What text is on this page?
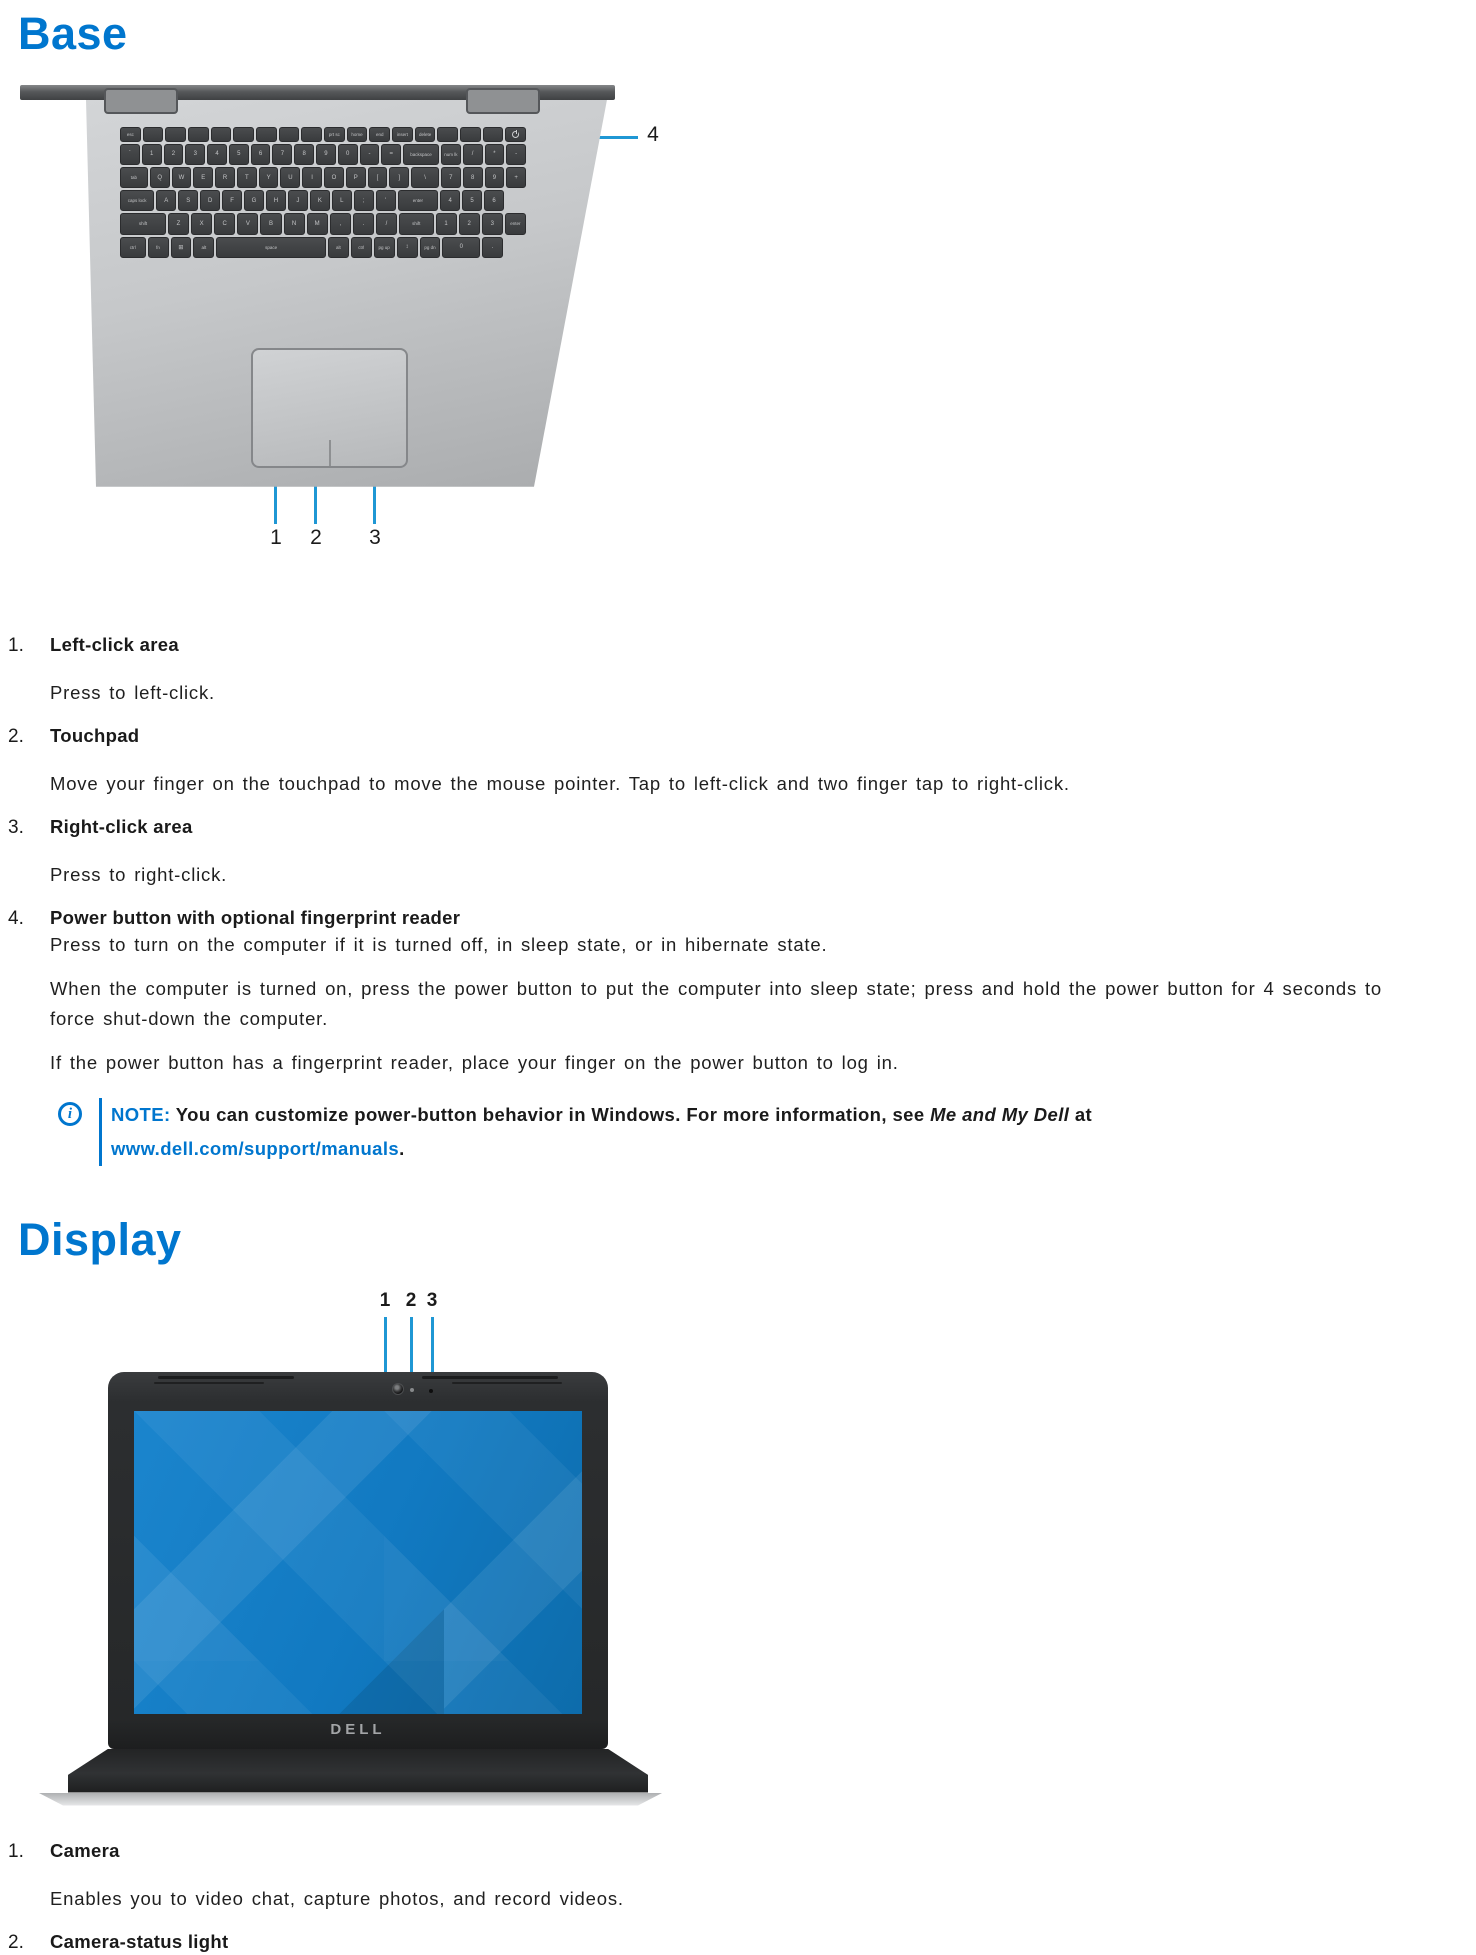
Base
esc	prt sc	home	end	insert	delete
`	1	2	3	4	5	6	7	8	9	0	-	=	backspace	num lk	/	*	-
tab	Q	W	E	R	T	Y	U	I	O	P	[	]	\	7	8	9	+
caps lock	A	S	D	F	G	H	J	K	L	;	'	enter	4	5	6
shift	Z	X	C	V	B	N	M	,	.	/	shift	1	2	3	enter
ctrl	fn	⊞	alt	space	alt	ctrl	pg up	↕	pg dn	0	.
1 2 3
4
1.	Left-click area

Press to left-click.

2.	Touchpad

Move your finger on the touchpad to move the mouse pointer. Tap to left-click and two finger tap to right-click.

3.	Right-click area

Press to right-click.

4.	Power button with optional fingerprint reader

Press to turn on the computer if it is turned off, in sleep state, or in hibernate state.

When the computer is turned on, press the power button to put the computer into sleep state; press and hold the power button for 4 seconds to force shut-down the computer.

If the power button has a fingerprint reader, place your finger on the power button to log in.

i	NOTE: You can customize power-button behavior in Windows. For more information, see Me and My Dell at www.dell.com/support/manuals.
Display
1 2 3
DELL
1.	Camera

Enables you to video chat, capture photos, and record videos.

2.	Camera-status light
